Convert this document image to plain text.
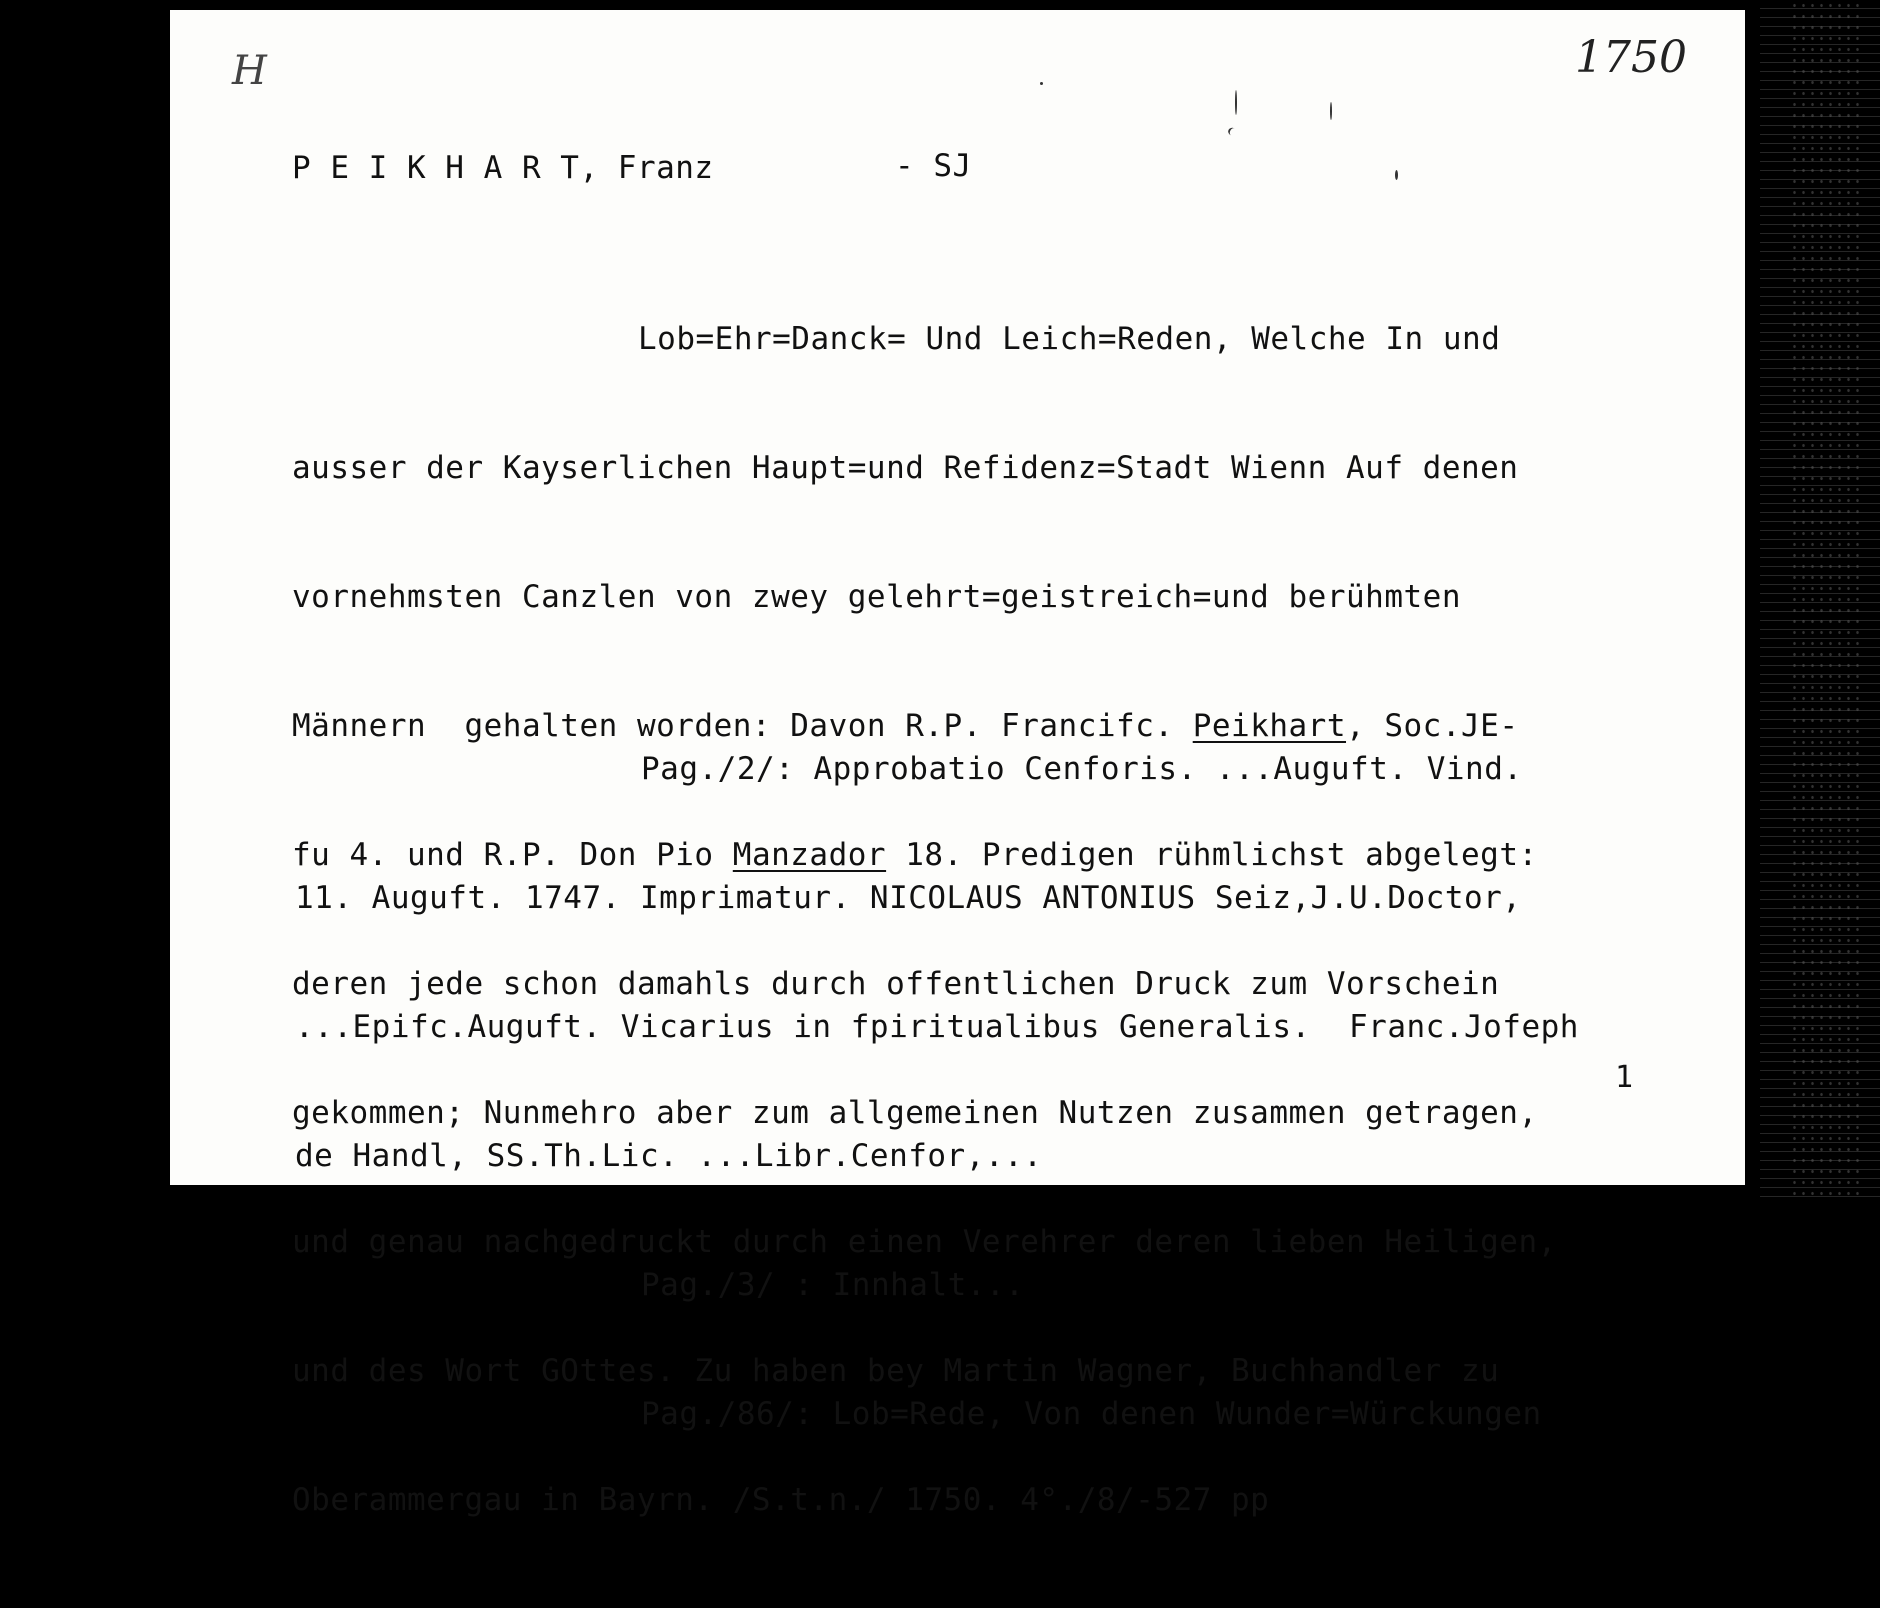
H	1750
P E I K H A R T, Franz	- SJ

Lob=Ehr=Danck= Und Leich=Reden, Welche In und

ausser der Kayserlichen Haupt=und Refidenz=Stadt Wienn Auf denen

vornehmsten Canzlen von zwey gelehrt=geistreich=und berühmten

Männern  gehalten worden: Davon R.P. Francifc. Peikhart, Soc.JE-

fu 4. und R.P. Don Pio Manzador 18. Predigen rühmlichst abgelegt:

deren jede schon damahls durch offentlichen Druck zum Vorschein

gekommen; Nunmehro aber zum allgemeinen Nutzen zusammen getragen,

und genau nachgedruckt durch einen Verehrer deren lieben Heiligen,

und des Wort GOttes. Zu haben bey Martin Wagner, Buchhandler zu

Oberammergau in Bayrn. /S.t.n./ 1750. 4°./8/-527 pp

Pag./2/: Approbatio Cenforis. ...Auguft. Vind.

11. Auguft. 1747. Imprimatur. NICOLAUS ANTONIUS Seiz,J.U.Doctor,

...Epifc.Auguft. Vicarius in fpiritualibus Generalis.  Franc.Jofeph

de Handl, SS.Th.Lic. ...Libr.Cenfor,...

Pag./3/ : Innhalt...

Pag./86/: Lob=Rede, Von denen Wunder=Würckungen

1
